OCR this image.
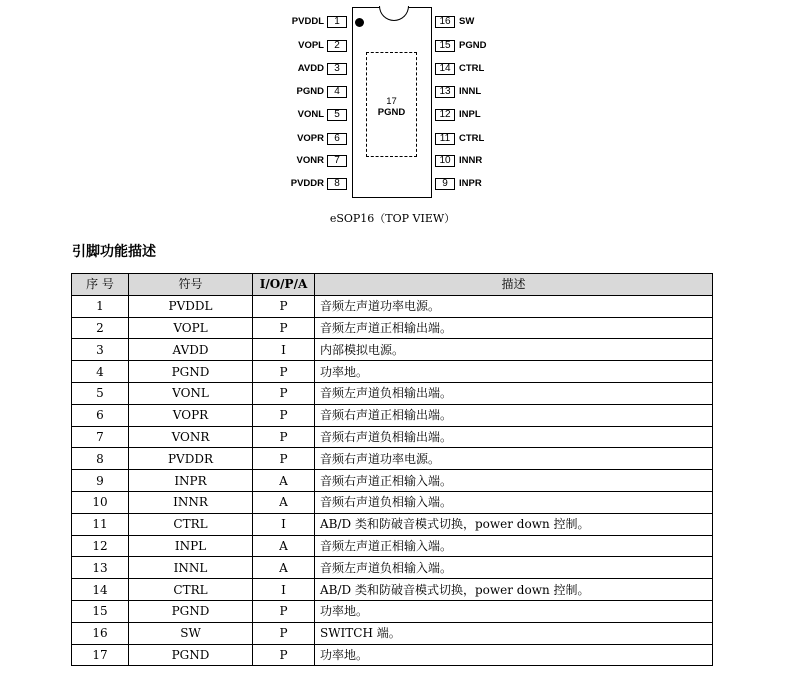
17
PGND
PVDDL	1
VOPL	2
AVDD	3
PGND	4
VONL	5
VOPR	6
VONR	7
PVDDR	8
16 SW
15 PGND
14 CTRL
13 INNL
12 INPL
11 CTRL
10 INNR
9	INPR
eSOP16（TOP VIEW）
引脚功能描述
序 号	符号	I/O/P/A	描述
1	PVDDL	P	音频左声道功率电源。
2	VOPL	P	音频左声道正相输出端。
3	AVDD	I	内部模拟电源。
4	PGND	P	功率地。
5	VONL	P	音频左声道负相输出端。
6	VOPR	P	音频右声道正相输出端。
7	VONR	P	音频右声道负相输出端。
8	PVDDR	P	音频右声道功率电源。
9	INPR	A	音频右声道正相输入端。
10	INNR	A	音频右声道负相输入端。
11	CTRL	I	AB/D 类和防破音模式切换，power down 控制。
12	INPL	A	音频左声道正相输入端。
13	INNL	A	音频左声道负相输入端。
14	CTRL	I	AB/D 类和防破音模式切换，power down 控制。
15	PGND	P	功率地。
16	SW	P	SWITCH 端。
17	PGND	P	功率地。
